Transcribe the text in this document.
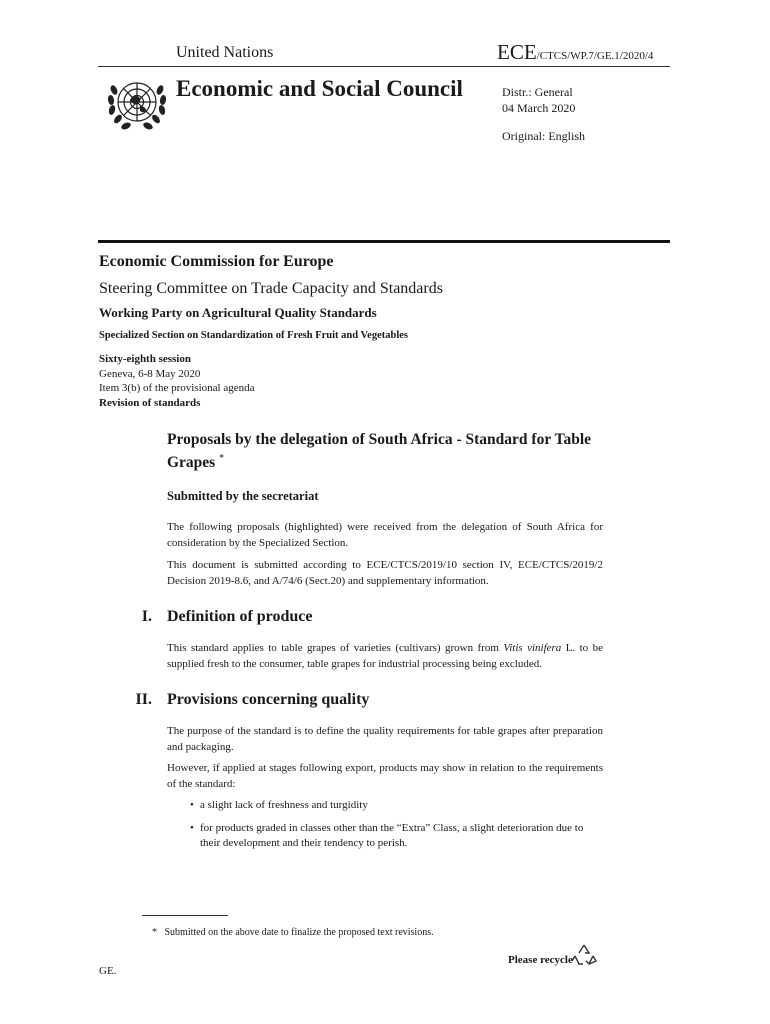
United Nations	ECE/CTCS/WP.7/GE.1/2020/4
Economic and Social Council	Distr.: General
04 March 2020
Original: English
Economic Commission for Europe
Steering Committee on Trade Capacity and Standards
Working Party on Agricultural Quality Standards
Specialized Section on Standardization of Fresh Fruit and Vegetables
Sixty-eighth session
Geneva, 6-8 May 2020
Item 3(b) of the provisional agenda
Revision of standards
Proposals by the delegation of South Africa - Standard for Table Grapes *
Submitted by the secretariat
The following proposals (highlighted) were received from the delegation of South Africa for consideration by the Specialized Section.
This document is submitted according to ECE/CTCS/2019/10 section IV, ECE/CTCS/2019/2 Decision 2019-8.6, and A/74/6 (Sect.20) and supplementary information.
I. Definition of produce
This standard applies to table grapes of varieties (cultivars) grown from Vitis vinifera L. to be supplied fresh to the consumer, table grapes for industrial processing being excluded.
II. Provisions concerning quality
The purpose of the standard is to define the quality requirements for table grapes after preparation and packaging.
However, if applied at stages following export, products may show in relation to the requirements of the standard:
• a slight lack of freshness and turgidity
• for products graded in classes other than the “Extra” Class, a slight deterioration due to their development and their tendency to perish.
* Submitted on the above date to finalize the proposed text revisions.
GE.
Please recycle
